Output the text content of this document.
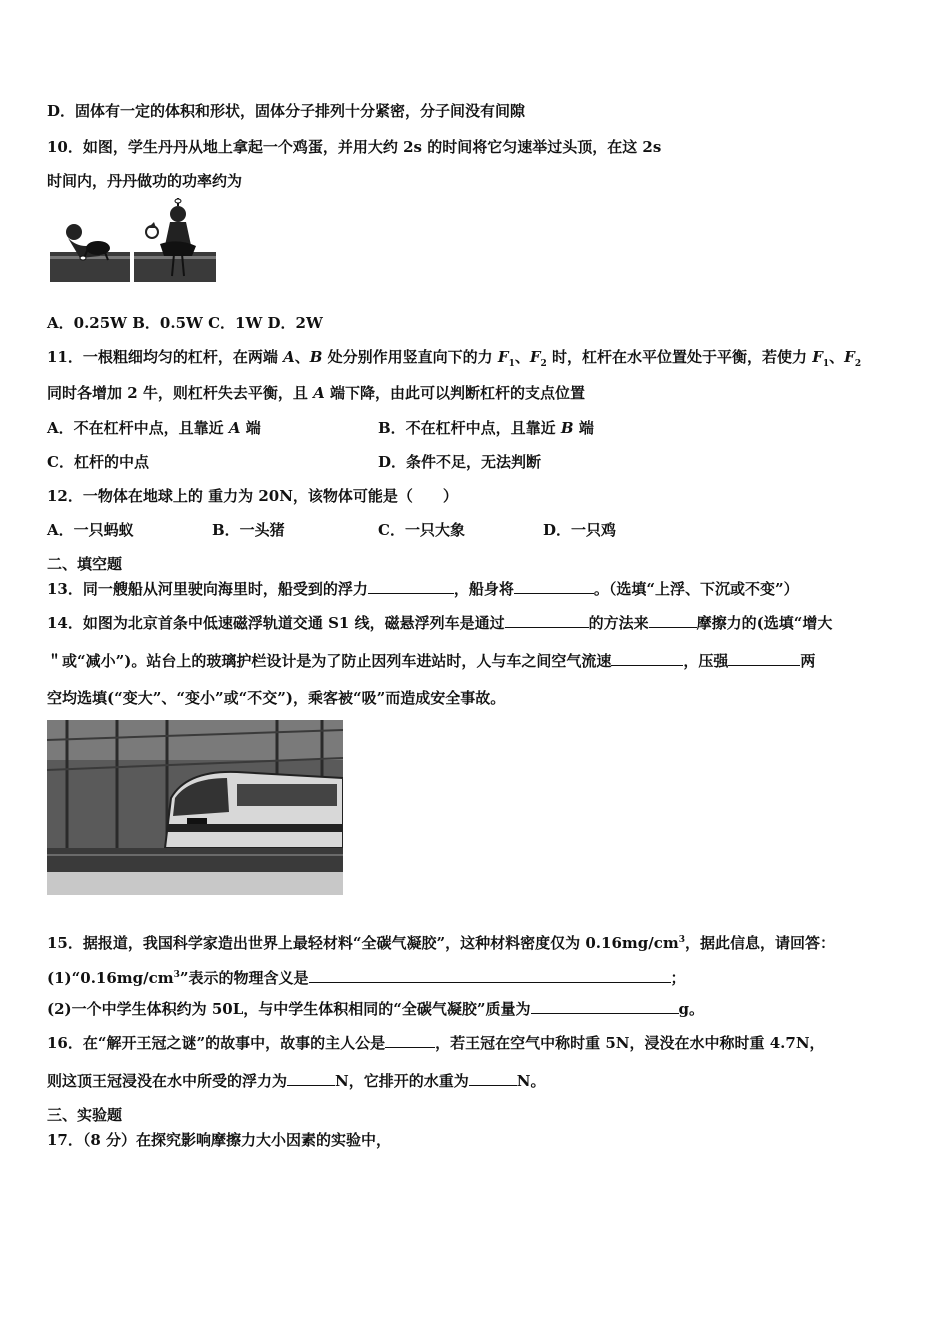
D．固体有一定的体积和形状，固体分子排列十分紧密，分子间没有间隙
10．如图，学生丹丹从地上拿起一个鸡蛋，并用大约 2s 的时间将它匀速举过头顶，在这 2s
时间内，丹丹做功的功率约为
A．0.25W B．0.5W C．1W D．2W
11．一根粗细均匀的杠杆，在两端 A、B 处分别作用竖直向下的力 $F_1$、$F_2$ 时，杠杆在水平位置处于平衡，若使力 $F_1$、$F_2$
同时各增加 2 牛，则杠杆失去平衡，且 A 端下降，由此可以判断杠杆的支点位置
A．不在杠杆中点，且靠近 A 端	B．不在杠杆中点，且靠近 B 端
C．杠杆的中点	D．条件不足，无法判断
12．一物体在地球上的 重力为 20N，该物体可能是（　　）
A．一只蚂蚁	B．一头猪	C．一只大象	D．一只鸡
二、填空题
13．同一艘船从河里驶向海里时，船受到的浮力	，船身将	。（选填“上浮、下沉或不变”）
14．如图为北京首条中低速磁浮轨道交通 S1 线，磁悬浮列车是通过	的方法来	摩擦力的(选填“增大
＂或“减小”)。站台上的玻璃护栏设计是为了防止因列车进站时，人与车之间空气流速	，压强	两
空均选填(“变大”、“变小”或“不交”)，乘客被“吸”而造成安全事故。
15．据报道，我国科学家造出世界上最轻材料“全碳气凝胶”，这种材料密度仅为 $0.16mg/cm^3$，据此信息，请回答：
$(1)“0.16mg/cm^3$”表示的物理含义是	；
(2)一个中学生体积约为 50L，与中学生体积相同的“全碳气凝胶”质量为	g。
16．在“解开王冠之谜”的故事中，故事的主人公是	，若王冠在空气中称时重 5N，浸没在水中称时重 4.7N，
则这顶王冠浸没在水中所受的浮力为	N，它排开的水重为	N。
三、实验题
17．（8 分）在探究影响摩擦力大小因素的实验中，
